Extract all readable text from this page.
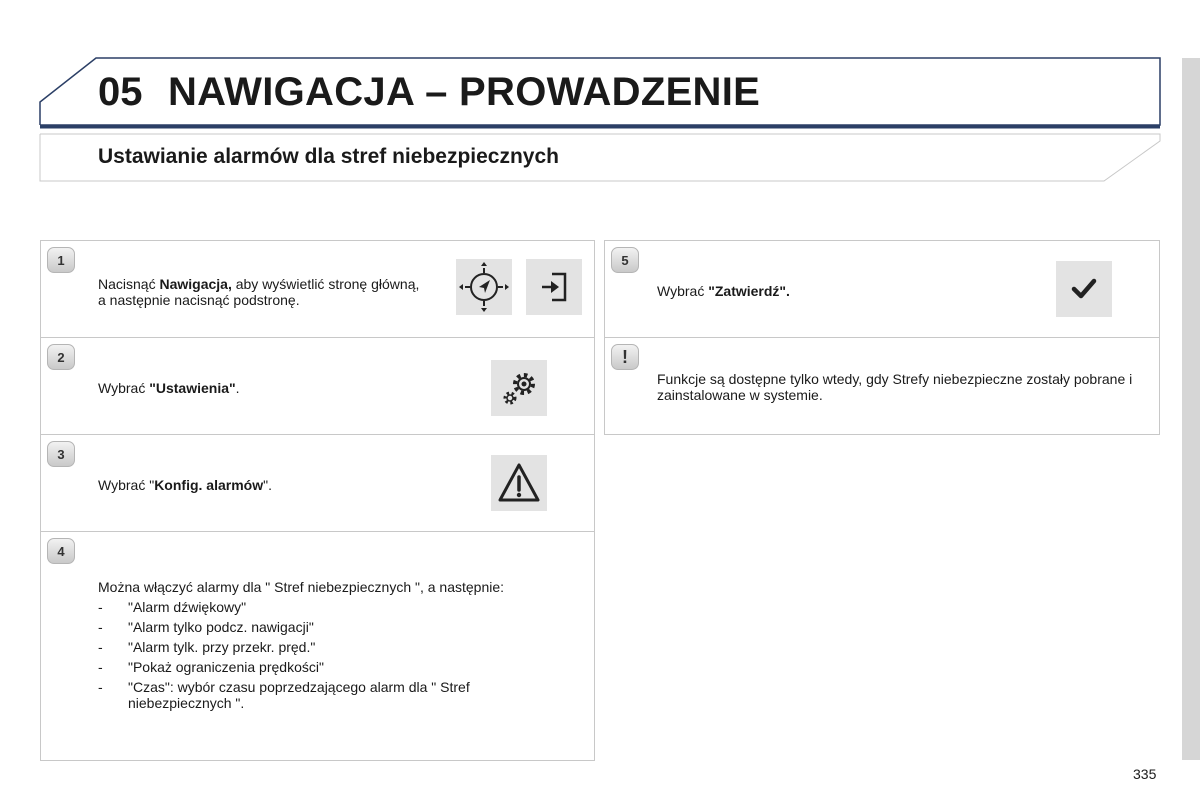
05 NAWIGACJA – PROWADZENIE
Ustawianie alarmów dla stref niebezpiecznych
1
Nacisnąć Nawigacja, aby wyświetlić stronę główną, a następnie nacisnąć podstronę.
2
Wybrać "Ustawienia".
3
Wybrać "Konfig. alarmów".
4
Można włączyć alarmy dla " Stref niebezpiecznych ", a następnie:
- "Alarm dźwiękowy"
- "Alarm tylko podcz. nawigacji"
- "Alarm tylk. przy przekr. pręd."
- "Pokaż ograniczenia prędkości"
- "Czas": wybór czasu poprzedzającego alarm dla " Stref niebezpiecznych ".
5
Wybrać "Zatwierdź".
!
Funkcje są dostępne tylko wtedy, gdy Strefy niebezpieczne zostały pobrane i zainstalowane w systemie.
335
